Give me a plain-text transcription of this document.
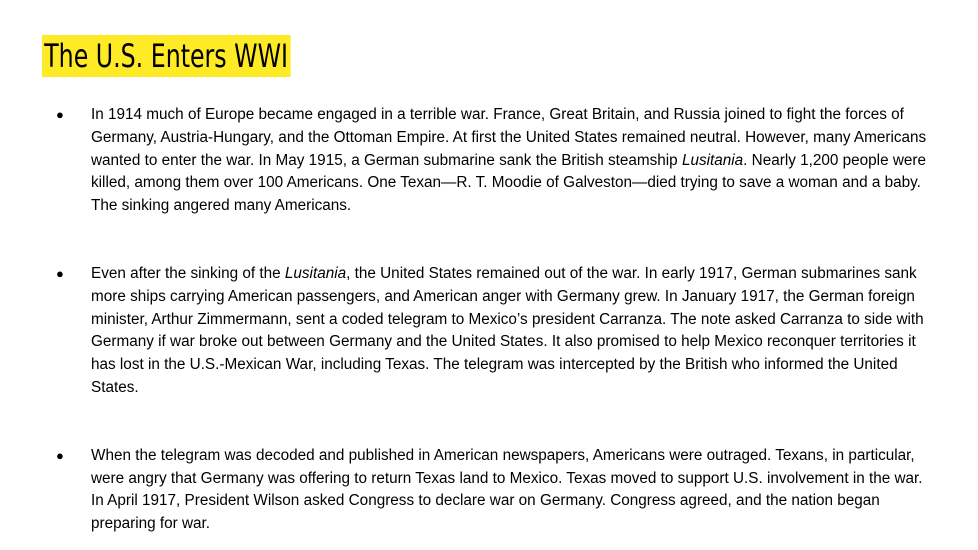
The U.S. Enters WWI
● In 1914 much of Europe became engaged in a terrible war. France, Great Britain, and Russia joined to fight the forces of Germany, Austria-Hungary, and the Ottoman Empire. At first the United States remained neutral. However, many Americans wanted to enter the war. In May 1915, a German submarine sank the British steamship Lusitania. Nearly 1,200 people were killed, among them over 100 Americans. One Texan—R. T. Moodie of Galveston—died trying to save a woman and a baby. The sinking angered many Americans.
● Even after the sinking of the Lusitania, the United States remained out of the war. In early 1917, German submarines sank more ships carrying American passengers, and American anger with Germany grew. In January 1917, the German foreign minister, Arthur Zimmermann, sent a coded telegram to Mexico’s president Carranza. The note asked Carranza to side with Germany if war broke out between Germany and the United States. It also promised to help Mexico reconquer territories it has lost in the U.S.-Mexican War, including Texas. The telegram was intercepted by the British who informed the United States.
● When the telegram was decoded and published in American newspapers, Americans were outraged. Texans, in particular, were angry that Germany was offering to return Texas land to Mexico. Texas moved to support U.S. involvement in the war. In April 1917, President Wilson asked Congress to declare war on Germany. Congress agreed, and the nation began preparing for war.
